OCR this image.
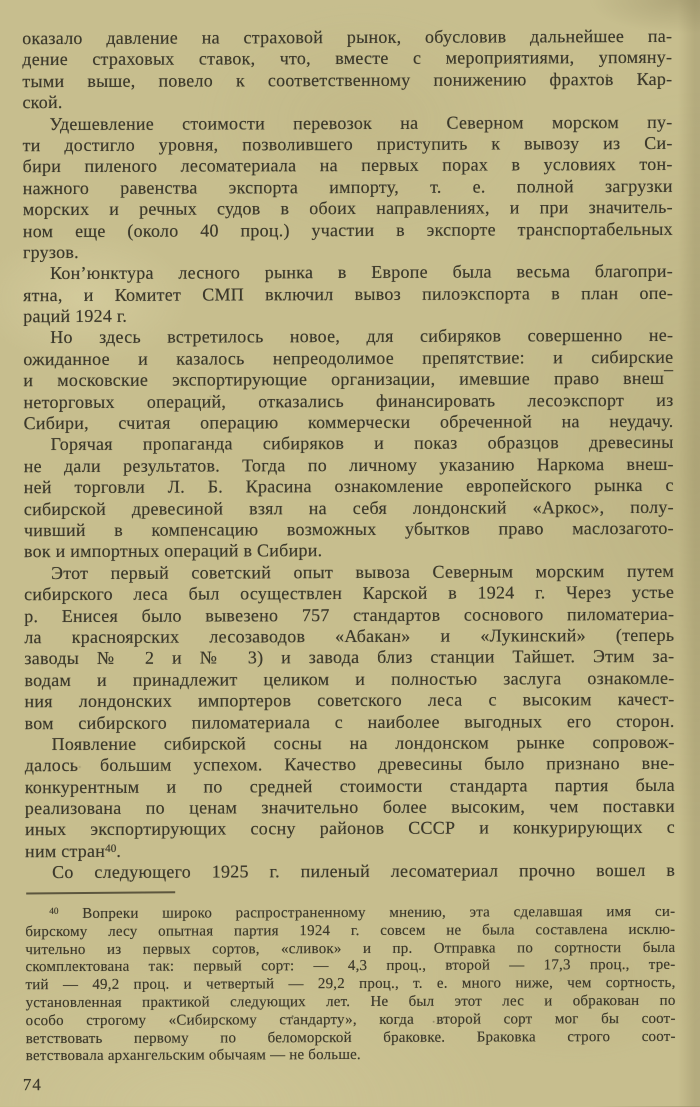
оказало давление на страховой рынок, обусловив дальнейшее па-
дение страховых ставок, что, вместе с мероприятиями, упомяну-
тыми выше, повело к соответственному понижению фрахтов Кар-
ской.
Удешевление стоимости перевозок на Северном морском пу-
ти достигло уровня, позволившего приступить к вывозу из Си-
бири пиленого лесоматериала на первых порах в условиях тон-
нажного равенства экспорта импорту, т. е. полной загрузки
морских и речных судов в обоих направлениях, и при значитель-
ном еще (около 40 проц.) участии в экспорте транспортабельных
грузов.
Кон’юнктура лесного рынка в Европе была весьма благопри-
ятна, и Комитет СМП включил вывоз пилоэкспорта в план опе-
раций 1924 г.
Но здесь встретилось новое, для сибиряков совершенно не-
ожиданное и казалось непреодолимое препятствие: и сибирские
и московские экспортирующие организации, имевшие право внеш¯
неторговых операций, отказались финансировать лесоэкспорт из
Сибири, считая операцию коммерчески обреченной на неудачу.
Горячая пропаганда сибиряков и показ образцов древесины
не дали результатов. Тогда по личному указанию Наркома внеш-
ней торговли Л. Б. Красина ознакомление европейского рынка с
сибирской древесиной взял на себя лондонский «Аркос», полу-
чивший в компенсацию возможных убытков право маслозагото-
вок и импортных операций в Сибири.
Этот первый советский опыт вывоза Северным морским путем
сибирского леса был осуществлен Карской в 1924 г. Через устье
р. Енисея было вывезено 757 стандартов соснового пиломатериа-
ла красноярских лесозаводов «Абакан» и «Лукинский» (теперь
заводы № 2 и № 3) и завода близ станции Тайшет. Этим за-
водам и принадлежит целиком и полностью заслуга ознакомле-
ния лондонских импортеров советского леса с высоким качест-
вом сибирского пиломатериала с наиболее выгодных его сторон.
Появление сибирской сосны на лондонском рынке сопровож-
далось большим успехом. Качество древесины было признано вне-
конкурентным и по средней стоимости стандарта партия была
реализована по ценам значительно более высоким, чем поставки
иных экспортирующих сосну районов СССР и конкурирующих с
ним стран$^{40}$.
Со следующего 1925 г. пиленый лесоматериал прочно вошел в
$^{40}$ Вопреки широко распространенному мнению, эта сделавшая имя си-
бирскому лесу опытная партия 1924 г. совсем не была составлена исклю-
чительно из первых сортов, «сливок» и пр. Отправка по сортности была
скомплектована так: первый сорт: — 4,3 проц., второй — 17,3 проц., тре-
тий — 49,2 проц. и четвертый — 29,2 проц., т. е. много ниже, чем сортность,
установленная практикой следующих лет. Не был этот лес и обракован по
особо строгому «Сибирскому стандарту», когда второй сорт мог бы соот-
ветствовать первому по беломорской браковке. Браковка строго соот-
ветствовала архангельским обычаям — не больше.
74
